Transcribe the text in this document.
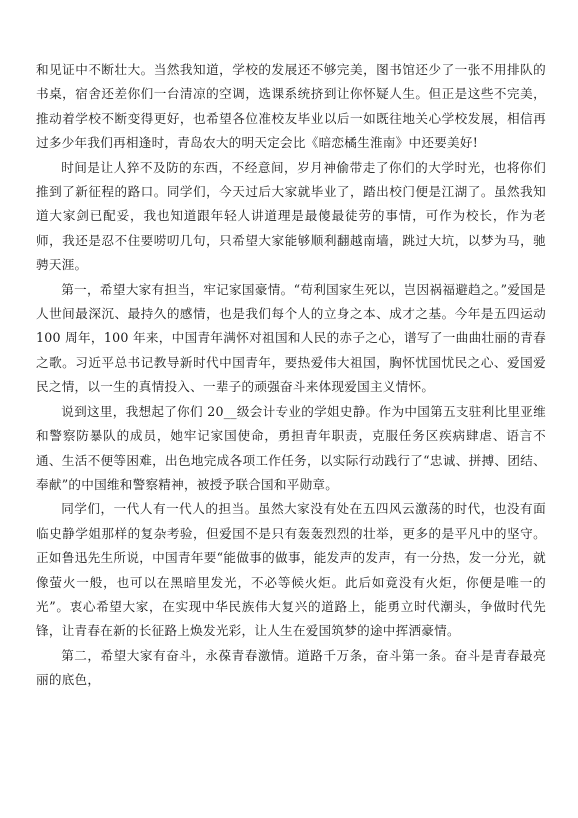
和见证中不断壮大。当然我知道，学校的发展还不够完美，图书馆还少了一张不用排队的书桌，宿舍还差你们一台清凉的空调，选课系统挤到让你怀疑人生。但正是这些不完美，推动着学校不断变得更好，也希望各位准校友毕业以后一如既往地关心学校发展，相信再过多少年我们再相逢时，青岛农大的明天定会比《暗恋橘生淮南》中还要美好!

时间是让人猝不及防的东西，不经意间，岁月神偷带走了你们的大学时光，也将你们推到了新征程的路口。同学们，今天过后大家就毕业了，踏出校门便是江湖了。虽然我知道大家剑已配妥，我也知道跟年轻人讲道理是最傻最徒劳的事情，可作为校长，作为老师，我还是忍不住要唠叨几句，只希望大家能够顺利翻越南墙，跳过大坑，以梦为马，驰骋天涯。

第一，希望大家有担当，牢记家国豪情。“苟利国家生死以，岂因祸福避趋之。”爱国是人世间最深沉、最持久的感情，也是我们每个人的立身之本、成才之基。今年是五四运动 100 周年，100 年来，中国青年满怀对祖国和人民的赤子之心，谱写了一曲曲壮丽的青春之歌。习近平总书记教导新时代中国青年，要热爱伟大祖国，胸怀忧国忧民之心、爱国爱民之情，以一生的真情投入、一辈子的顽强奋斗来体现爱国主义情怀。

说到这里，我想起了你们 20__级会计专业的学姐史静。作为中国第五支驻利比里亚维和警察防暴队的成员，她牢记家国使命，勇担青年职责，克服任务区疾病肆虐、语言不通、生活不便等困难，出色地完成各项工作任务，以实际行动践行了“忠诚、拼搏、团结、奉献”的中国维和警察精神，被授予联合国和平勋章。

同学们，一代人有一代人的担当。虽然大家没有处在五四风云激荡的时代，也没有面临史静学姐那样的复杂考验，但爱国不是只有轰轰烈烈的壮举，更多的是平凡中的坚守。正如鲁迅先生所说，中国青年要“能做事的做事，能发声的发声，有一分热，发一分光，就像萤火一般，也可以在黑暗里发光，不必等候火炬。此后如竟没有火炬，你便是唯一的光”。衷心希望大家，在实现中华民族伟大复兴的道路上，能勇立时代潮头，争做时代先锋，让青春在新的长征路上焕发光彩，让人生在爱国筑梦的途中挥洒豪情。

第二，希望大家有奋斗，永葆青春激情。道路千万条，奋斗第一条。奋斗是青春最亮丽的底色，
